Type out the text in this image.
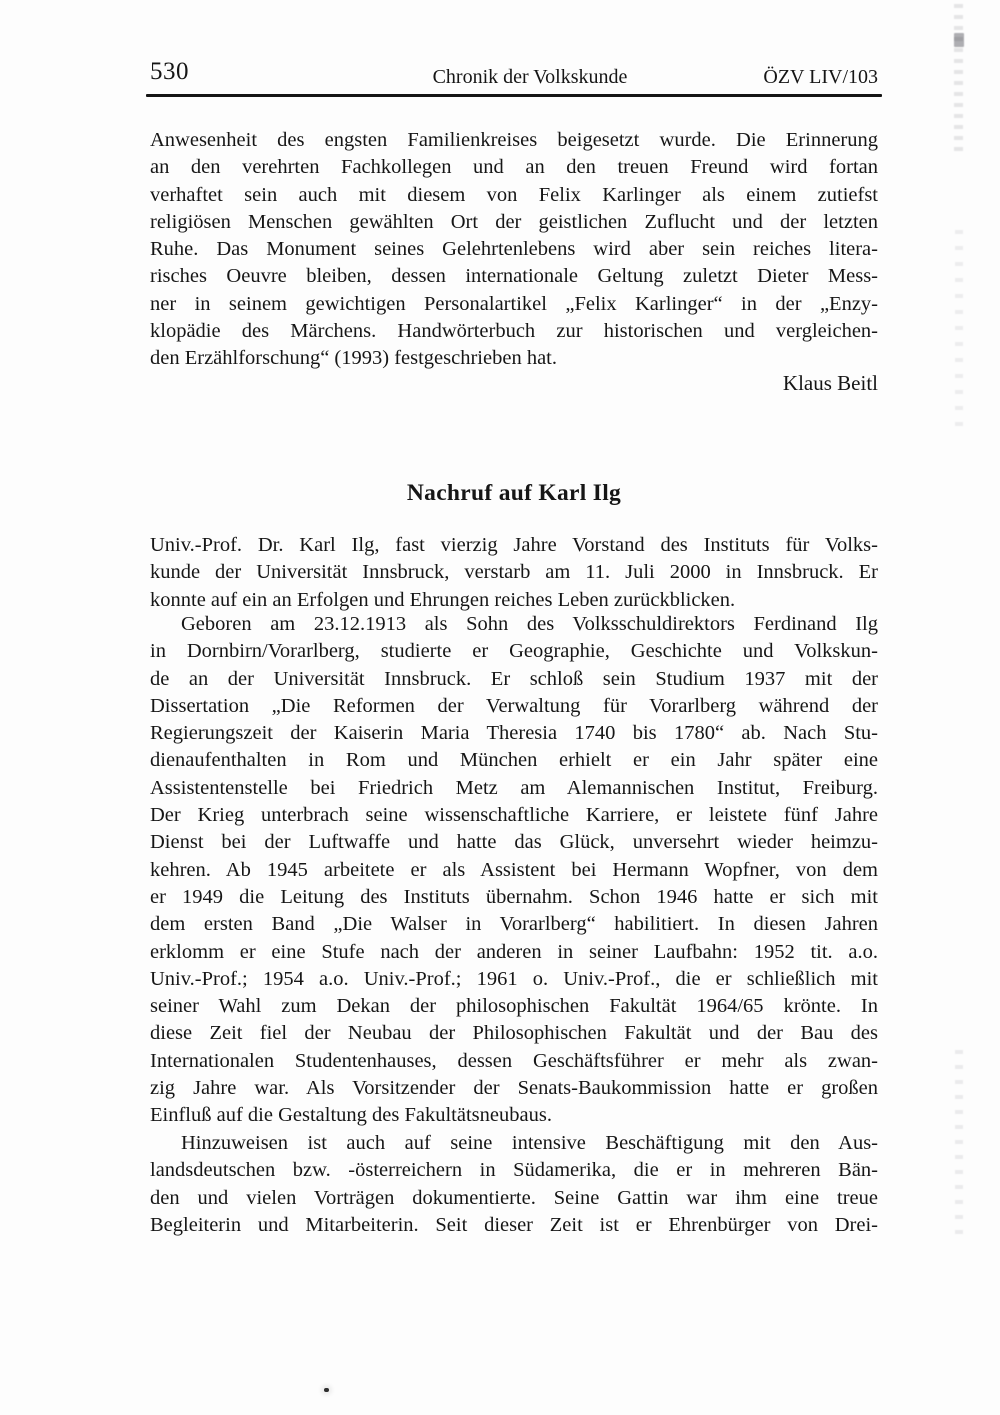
530	Chronik der Volkskunde	ÖZV LIV/103
Anwesenheit des engsten Familienkreises beigesetzt wurde. Die Erinnerung
an den verehrten Fachkollegen und an den treuen Freund wird fortan
verhaftet sein auch mit diesem von Felix Karlinger als einem zutiefst
religiösen Menschen gewählten Ort der geistlichen Zuflucht und der letzten
Ruhe. Das Monument seines Gelehrtenlebens wird aber sein reiches litera-
risches Oeuvre bleiben, dessen internationale Geltung zuletzt Dieter Mess-
ner in seinem gewichtigen Personalartikel „Felix Karlinger“ in der „Enzy-
klopädie des Märchens. Handwörterbuch zur historischen und vergleichen-
den Erzählforschung“ (1993) festgeschrieben hat.
Klaus Beitl
Nachruf auf Karl Ilg
Univ.-Prof. Dr. Karl Ilg, fast vierzig Jahre Vorstand des Instituts für Volks-
kunde der Universität Innsbruck, verstarb am 11. Juli 2000 in Innsbruck. Er
konnte auf ein an Erfolgen und Ehrungen reiches Leben zurückblicken.
Geboren am 23.12.1913 als Sohn des Volksschuldirektors Ferdinand Ilg
in Dornbirn/Vorarlberg, studierte er Geographie, Geschichte und Volkskun-
de an der Universität Innsbruck. Er schloß sein Studium 1937 mit der
Dissertation „Die Reformen der Verwaltung für Vorarlberg während der
Regierungszeit der Kaiserin Maria Theresia 1740 bis 1780“ ab. Nach Stu-
dienaufenthalten in Rom und München erhielt er ein Jahr später eine
Assistentenstelle bei Friedrich Metz am Alemannischen Institut, Freiburg.
Der Krieg unterbrach seine wissenschaftliche Karriere, er leistete fünf Jahre
Dienst bei der Luftwaffe und hatte das Glück, unversehrt wieder heimzu-
kehren. Ab 1945 arbeitete er als Assistent bei Hermann Wopfner, von dem
er 1949 die Leitung des Instituts übernahm. Schon 1946 hatte er sich mit
dem ersten Band „Die Walser in Vorarlberg“ habilitiert. In diesen Jahren
erklomm er eine Stufe nach der anderen in seiner Laufbahn: 1952 tit. a.o.
Univ.-Prof.; 1954 a.o. Univ.-Prof.; 1961 o. Univ.-Prof., die er schließlich mit
seiner Wahl zum Dekan der philosophischen Fakultät 1964/65 krönte. In
diese Zeit fiel der Neubau der Philosophischen Fakultät und der Bau des
Internationalen Studentenhauses, dessen Geschäftsführer er mehr als zwan-
zig Jahre war. Als Vorsitzender der Senats-Baukommission hatte er großen
Einfluß auf die Gestaltung des Fakultätsneubaus.
Hinzuweisen ist auch auf seine intensive Beschäftigung mit den Aus-
landsdeutschen bzw. -österreichern in Südamerika, die er in mehreren Bän-
den und vielen Vorträgen dokumentierte. Seine Gattin war ihm eine treue
Begleiterin und Mitarbeiterin. Seit dieser Zeit ist er Ehrenbürger von Drei-
